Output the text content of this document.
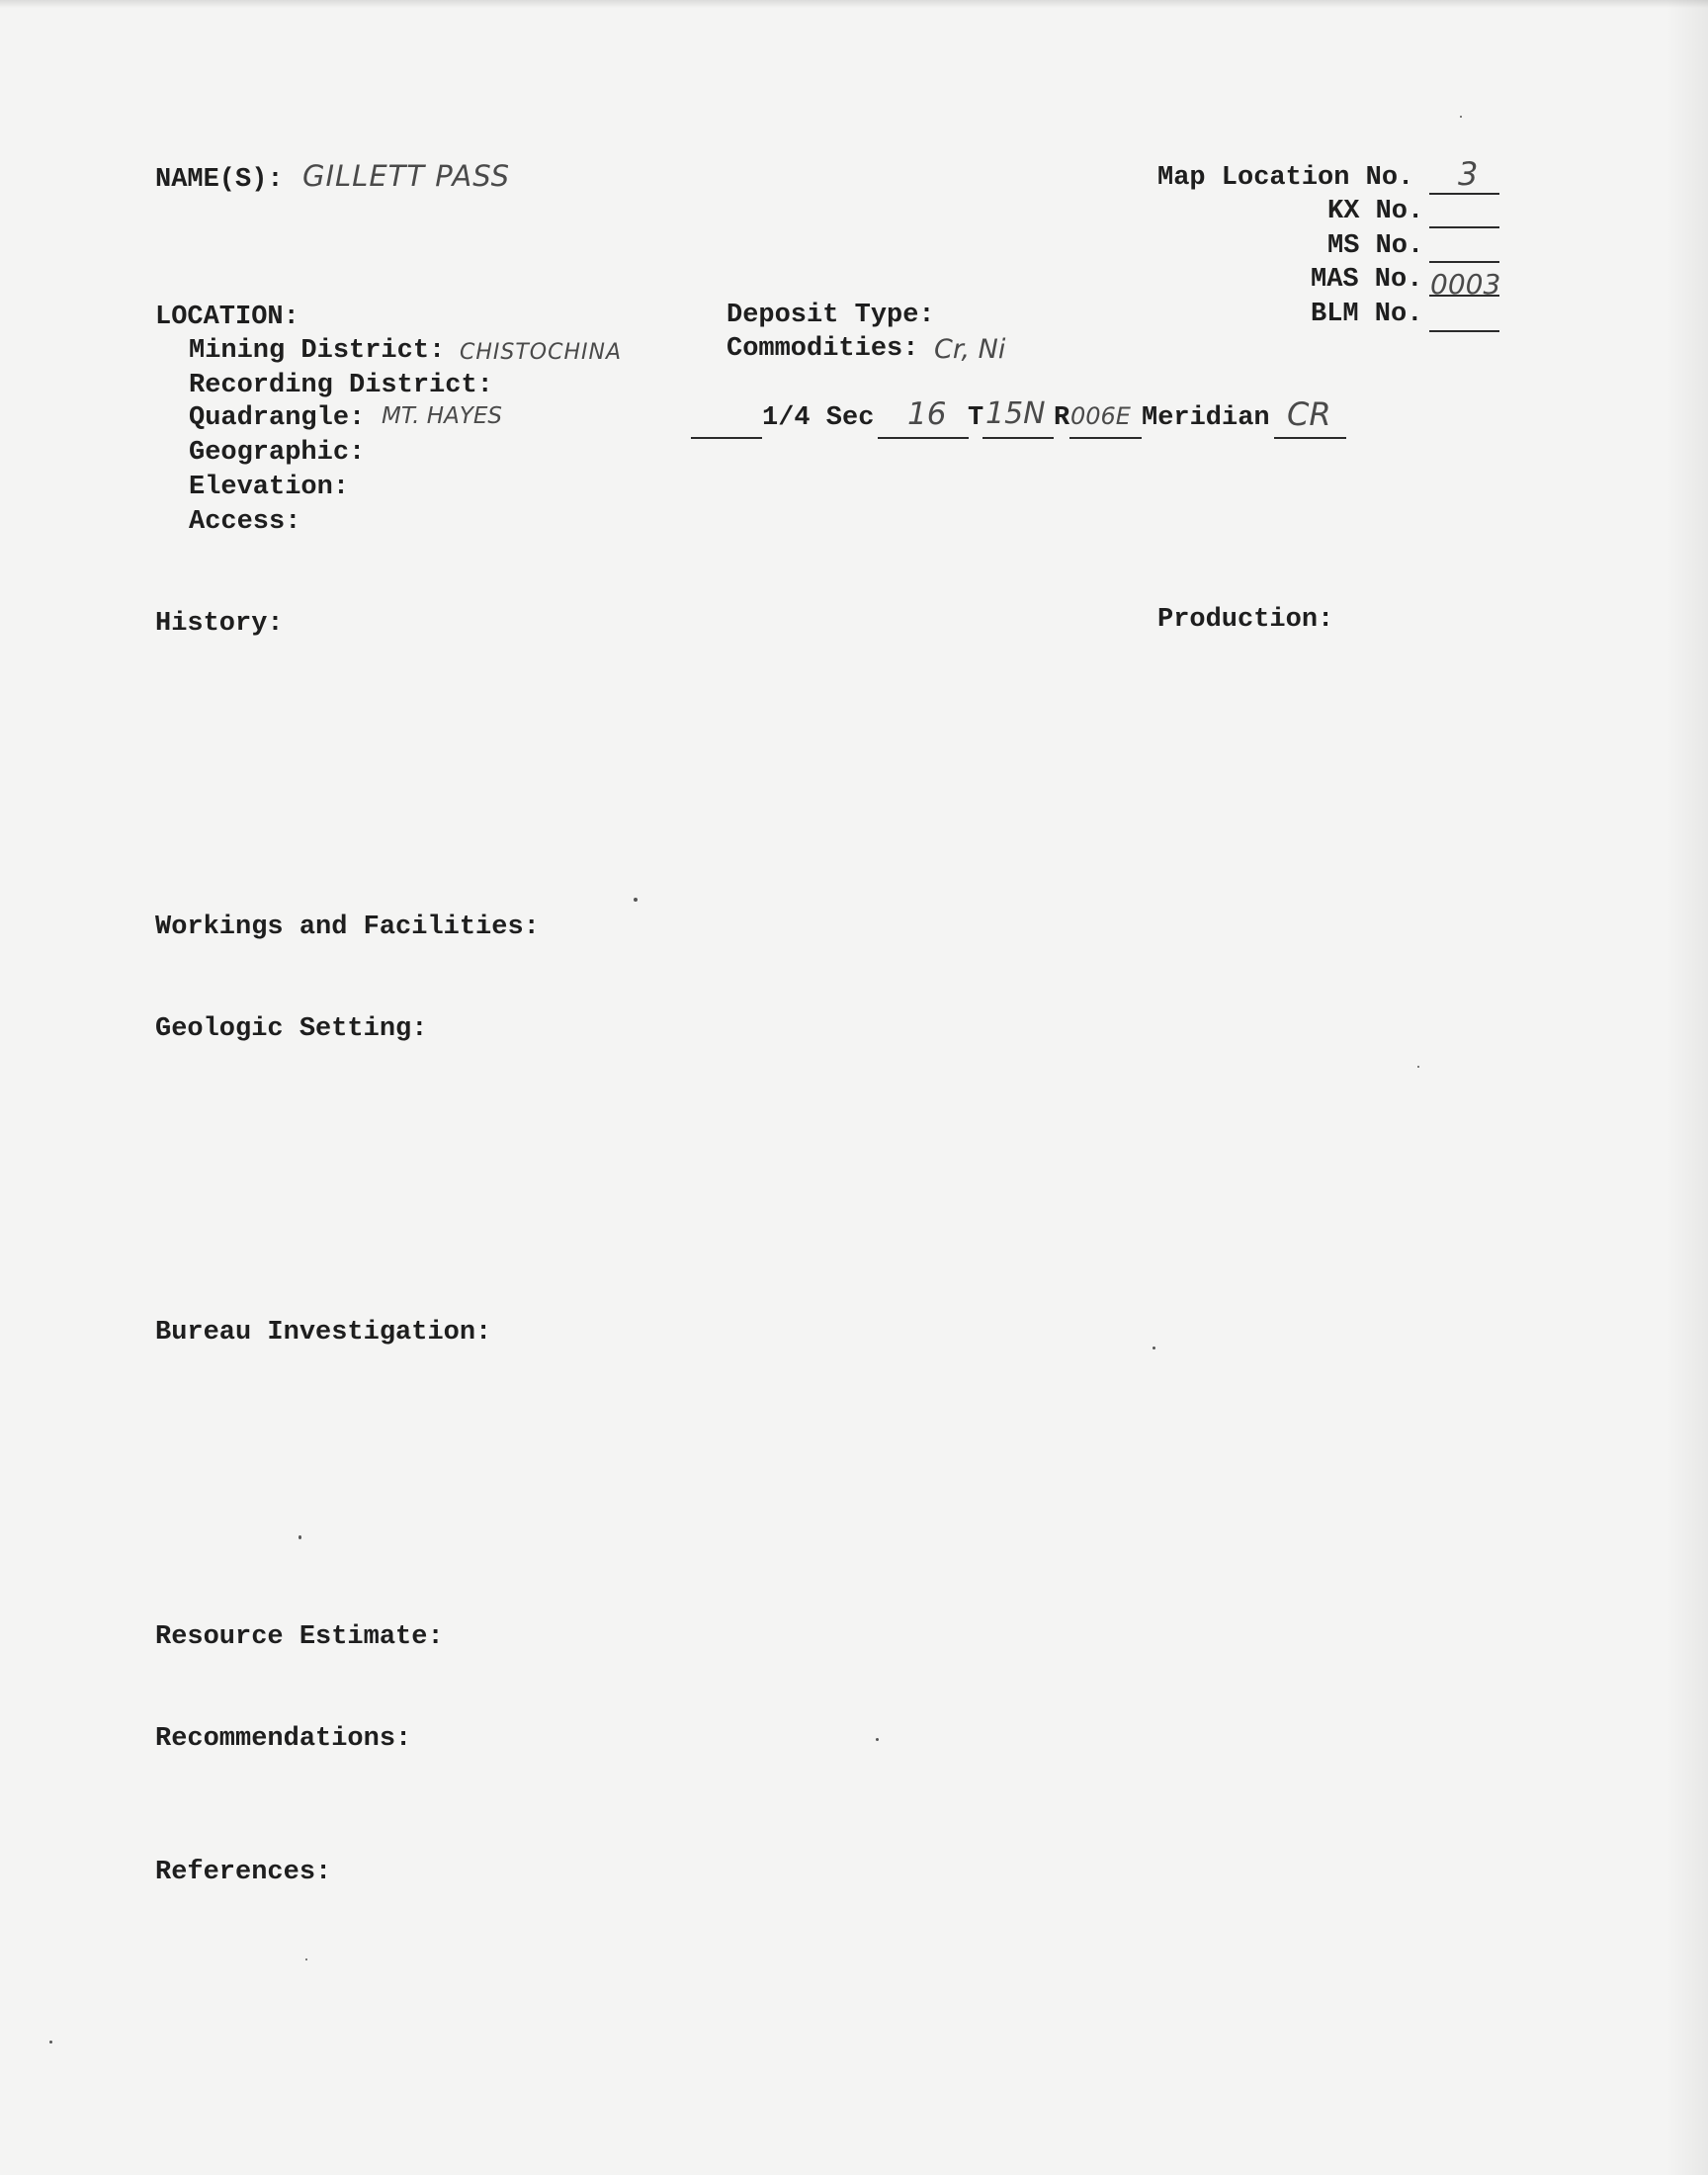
NAME(S): GILLETT PASS	Map Location No. 3
KX No.
MS No.
MAS No. 0003
BLM No.
LOCATION:
Mining District: CHISTOCHINA
Recording District:
Quadrangle: MT. HAYES
Geographic:
Elevation:
Access:
Deposit Type:
Commodities: Cr, Ni
1/4 Sec 16 T 15N R 006E Meridian CR
History:	Production:
Workings and Facilities:
Geologic Setting:
Bureau Investigation:
Resource Estimate:
Recommendations:
References:
